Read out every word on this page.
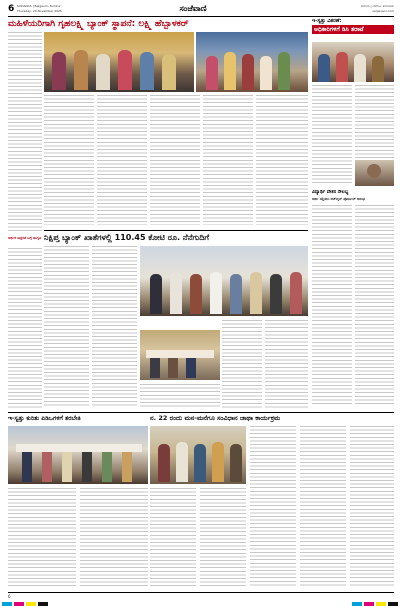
6 SUDANAS | Belgaum, Tumkur
Thursday, 20 November 2025	ಸಂಜೆವಾಣಿ	ಸುದಾನಸ | ಬೆಳಗಾವಿ, ತುಮಕೂರು
sanjevani.com
ಮಹಿಳೆಯರಿಗಾಗಿ ಗೃಹಲಕ್ಷ್ಮಿ ಬ್ಯಾಂಕ್ ಸ್ಥಾಪನೆ: ಲಕ್ಷ್ಮಿ ಹೆಬ್ಬಾಳಕರ್	ಇ-ಸ್ವತ್ತು ವಿತರಣೆ:
ಅಧಿಕಾರಿಗಳಿಗೆ ಡಿಸಿ ತರಾಟೆ
ನಿಕ್ಷಿಪ್ತ ಬ್ಯಾಂಕ್ ಖಾತೆಗಳಲ್ಲಿ 110.45 ಕೋಟಿ ರೂ. ನೆನೆಗುದಿಗೆ
ಆರ್ಥಿಕ ಸಾಕ್ಷರತೆ ಬಗ್ಗೆ ಜಾಗೃತಿ
ವಿದ್ಯಾರ್ಥಿ ವೇತನ ಸೌಲಭ್ಯ
ಅರ್ಜಿ ಸಲ್ಲಿಸಲು ಆನ್‌ಲೈನ್ ಪೋರ್ಟಲ್ ಆರಂಭ
ಇ-ಸ್ವತ್ತು ಕುರಿತು ಪಿಡಿಒಗಳಿಗೆ ತರಬೇತಿ	ನ. 22 ರಂದು ಮನ-ಮನೆಗೂ ಸಂವಿಧಾನ ಜಾಥಾ ಕಾರ್ಯಕ್ರಮ
6
